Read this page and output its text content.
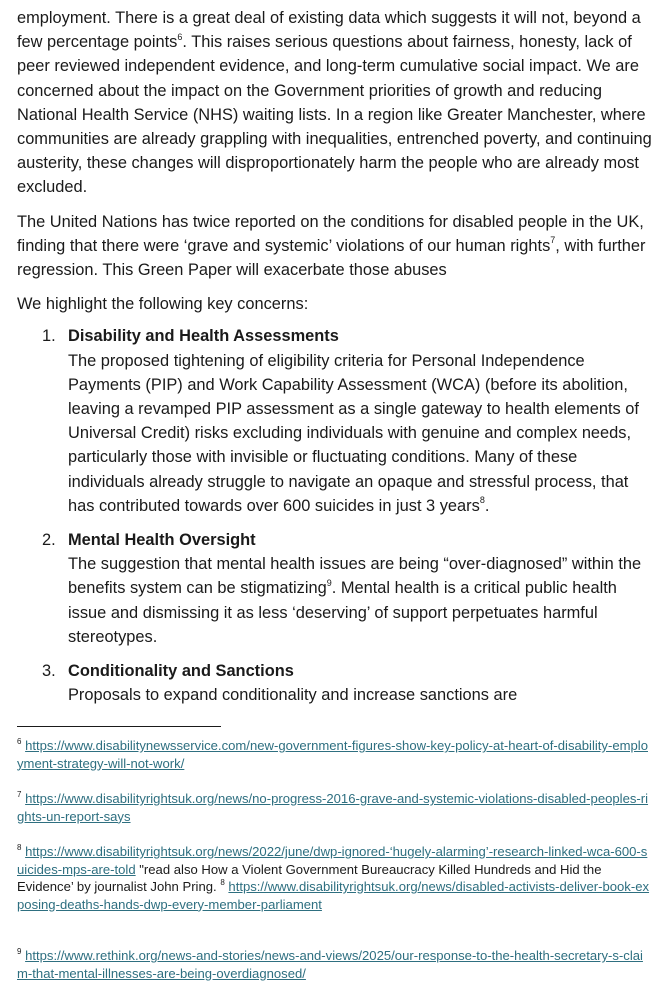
employment. There is a great deal of existing data which suggests it will not, beyond a few percentage points$^6$. This raises serious questions about fairness, honesty, lack of peer reviewed independent evidence, and long-term cumulative social impact. We are concerned about the impact on the Government priorities of growth and reducing National Health Service (NHS) waiting lists. In a region like Greater Manchester, where communities are already grappling with inequalities, entrenched poverty, and continuing austerity, these changes will disproportionately harm the people who are already most excluded.

The United Nations has twice reported on the conditions for disabled people in the UK, finding that there were ‘grave and systemic’ violations of our human rights$^7$, with further regression. This Green Paper will exacerbate those abuses

We highlight the following key concerns:

1. Disability and Health Assessments
The proposed tightening of eligibility criteria for Personal Independence Payments (PIP) and Work Capability Assessment (WCA) (before its abolition, leaving a revamped PIP assessment as a single gateway to health elements of Universal Credit) risks excluding individuals with genuine and complex needs, particularly those with invisible or fluctuating conditions. Many of these individuals already struggle to navigate an opaque and stressful process, that has contributed towards over 600 suicides in just 3 years$^8$.
2. Mental Health Oversight
The suggestion that mental health issues are being “over-diagnosed” within the benefits system can be stigmatizing$^9$. Mental health is a critical public health issue and dismissing it as less ‘deserving’ of support perpetuates harmful stereotypes.
3. Conditionality and Sanctions
Proposals to expand conditionality and increase sanctions are

$^6$ https://www.disabilitynewsservice.com/new-government-figures-show-key-policy-at-heart-of-disability-employment-strategy-will-not-work/

$^7$ https://www.disabilityrightsuk.org/news/no-progress-2016-grave-and-systemic-violations-disabled-peoples-rights-un-report-says

$^8$ https://www.disabilityrightsuk.org/news/2022/june/dwp-ignored-‘hugely-alarming’-research-linked-wca-600-suicides-mps-are-told "read also How a Violent Government Bureaucracy Killed Hundreds and Hid the Evidence’ by journalist John Pring. $^8$ https://www.disabilityrightsuk.org/news/disabled-activists-deliver-book-exposing-deaths-hands-dwp-every-member-parliament

$^9$ https://www.rethink.org/news-and-stories/news-and-views/2025/our-response-to-the-health-secretary-s-claim-that-mental-illnesses-are-being-overdiagnosed/
